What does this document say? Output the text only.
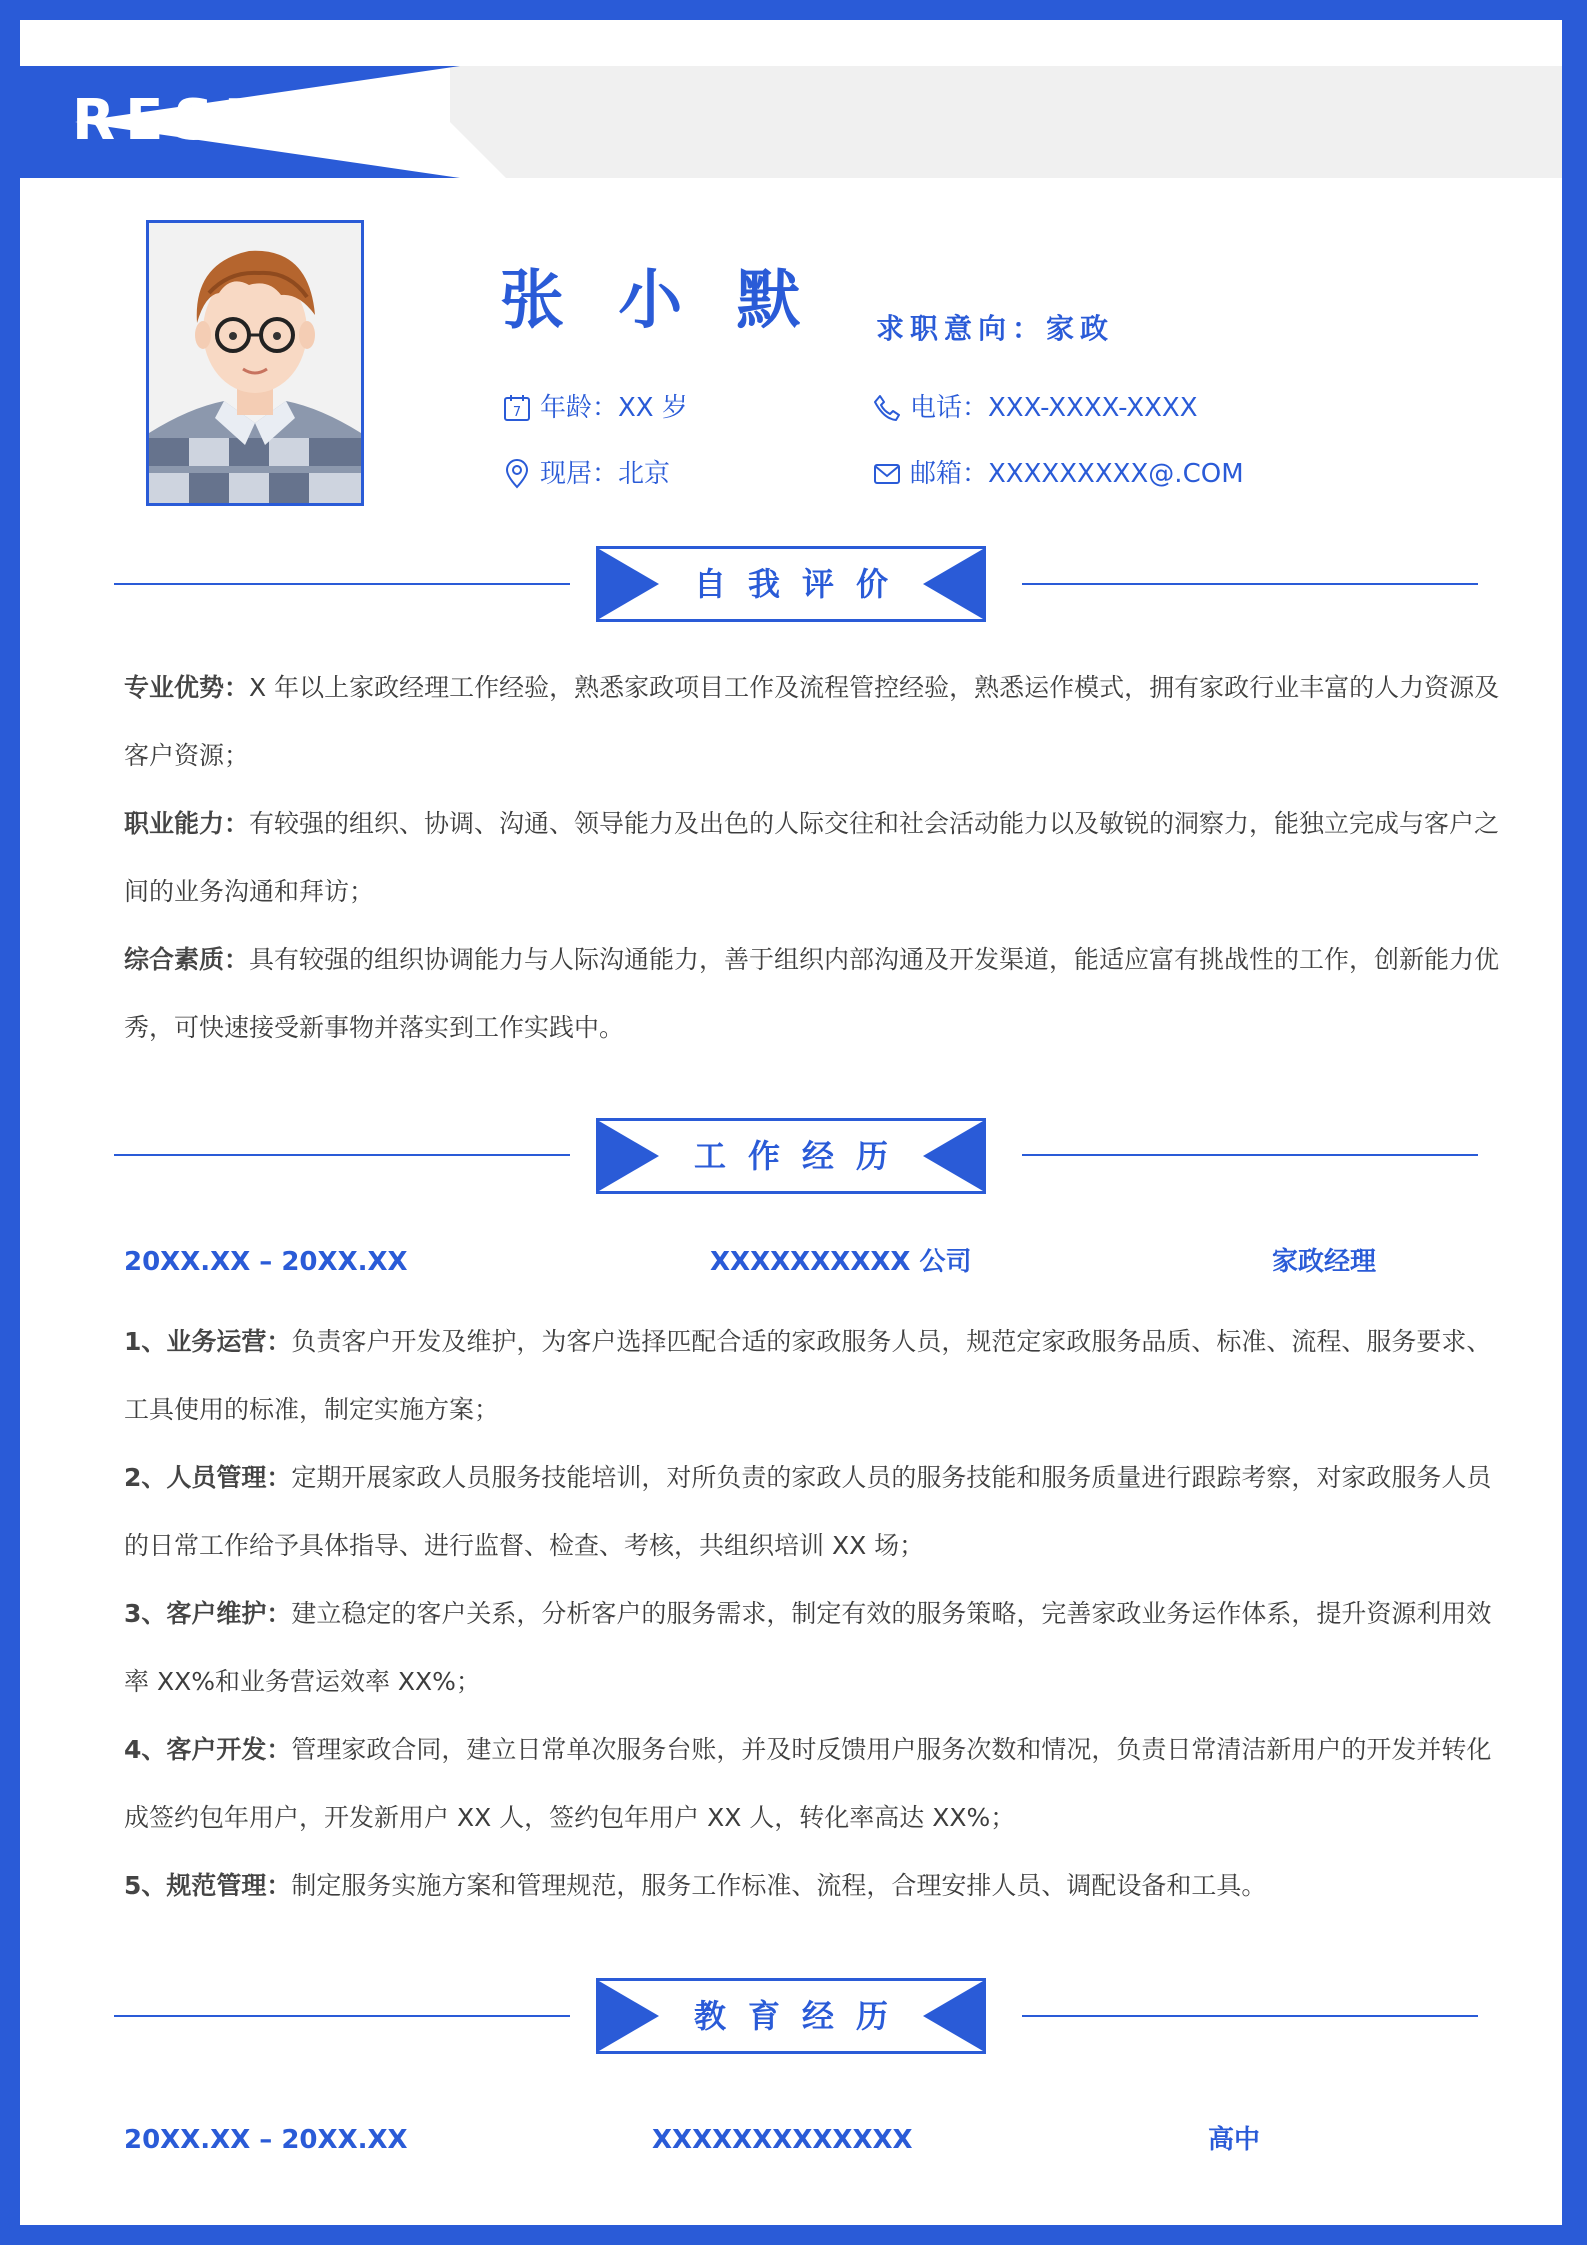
RESUME
张 小 默 求职意向：家政
7 年龄：XX 岁	电话：XXX-XXXX-XXXX
现居：北京	邮箱：XXXXXXXXX@.COM
自我评价
专业优势：X 年以上家政经理工作经验，熟悉家政项目工作及流程管控经验，熟悉运作模式，拥有家政行业丰富的人力资源及客户资源；
职业能力：有较强的组织、协调、沟通、领导能力及出色的人际交往和社会活动能力以及敏锐的洞察力，能独立完成与客户之间的业务沟通和拜访；
综合素质：具有较强的组织协调能力与人际沟通能力，善于组织内部沟通及开发渠道，能适应富有挑战性的工作，创新能力优秀，可快速接受新事物并落实到工作实践中。
工作经历
20XX.XX – 20XX.XX	XXXXXXXXXX 公司	家政经理
1、业务运营：负责客户开发及维护，为客户选择匹配合适的家政服务人员，规范定家政服务品质、标准、流程、服务要求、工具使用的标准，制定实施方案；
2、人员管理：定期开展家政人员服务技能培训，对所负责的家政人员的服务技能和服务质量进行跟踪考察，对家政服务人员的日常工作给予具体指导、进行监督、检查、考核，共组织培训 XX 场；
3、客户维护：建立稳定的客户关系，分析客户的服务需求，制定有效的服务策略，完善家政业务运作体系，提升资源利用效率 XX%和业务营运效率 XX%；
4、客户开发：管理家政合同，建立日常单次服务台账，并及时反馈用户服务次数和情况，负责日常清洁新用户的开发并转化成签约包年用户，开发新用户 XX 人，签约包年用户 XX 人，转化率高达 XX%；
5、规范管理：制定服务实施方案和管理规范，服务工作标准、流程，合理安排人员、调配设备和工具。
教育经历
20XX.XX – 20XX.XX	XXXXXXXXXXXXX	高中
